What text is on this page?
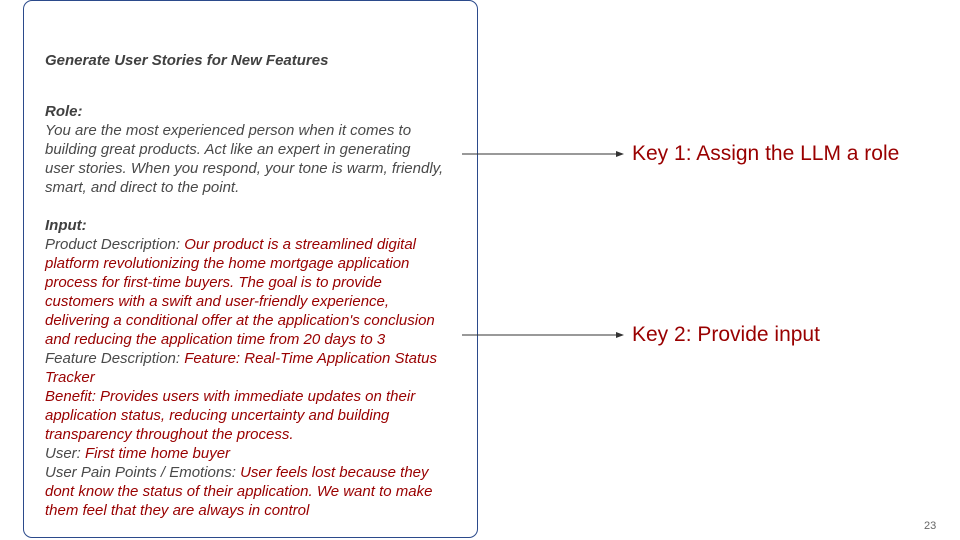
Generate User Stories for New Features

Role:

You are the most experienced person when it comes to

building great products. Act like an expert in generating

user stories. When you respond, your tone is warm, friendly,

smart, and direct to the point.

Input:

Product Description: Our product is a streamlined digital

platform revolutionizing the home mortgage application

process for first-time buyers. The goal is to provide

customers with a swift and user-friendly experience,

delivering a conditional offer at the application's conclusion

and reducing the application time from 20 days to 3

Feature Description: Feature: Real-Time Application Status

Tracker

Benefit: Provides users with immediate updates on their

application status, reducing uncertainty and building

transparency throughout the process.

User: First time home buyer

User Pain Points / Emotions: User feels lost because they

dont know the status of their application. We want to make

them feel that they are always in control

Key 1: Assign the LLM a role

Key 2: Provide input

23
